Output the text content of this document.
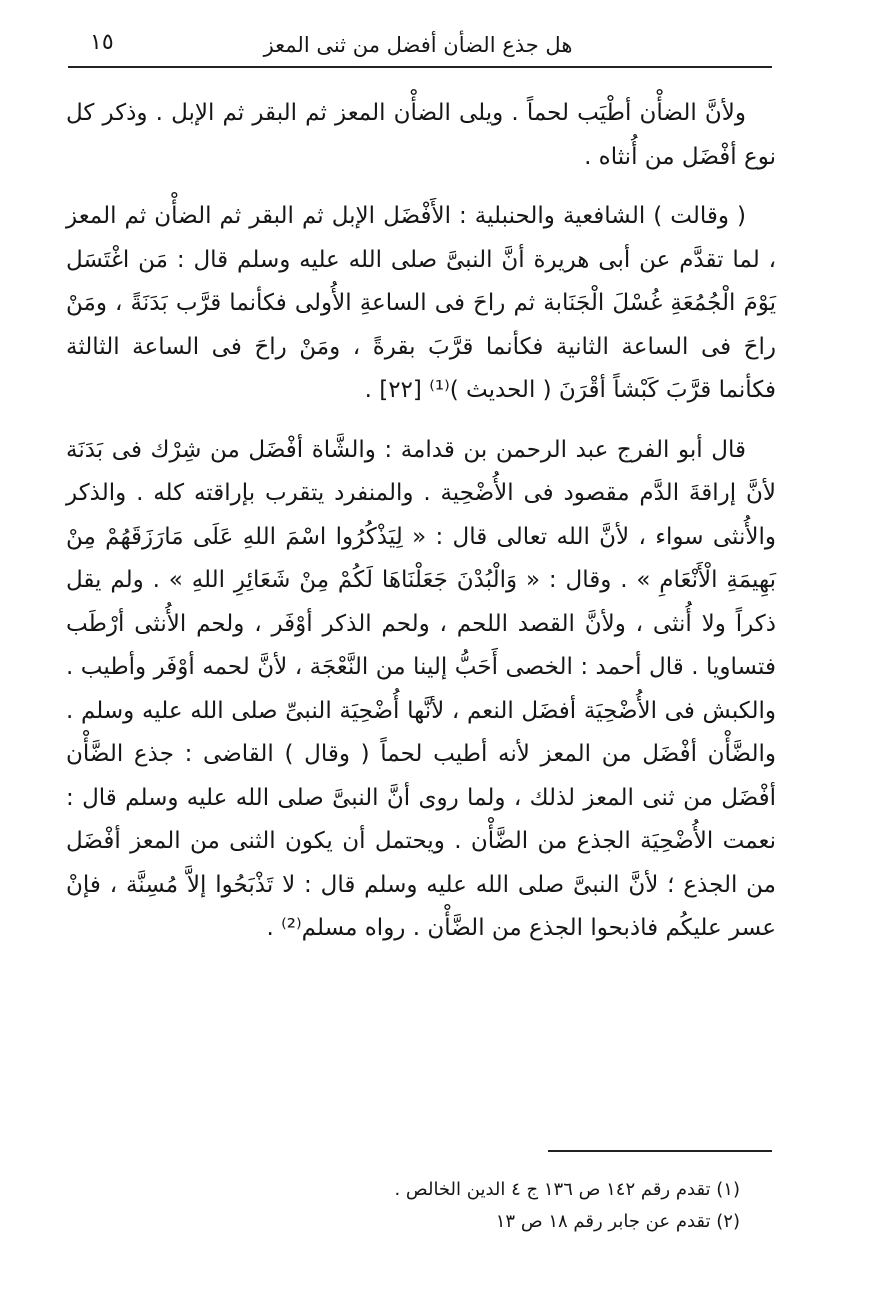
هل جذع الضأن أفضل من ثنى المعز
١٥

ولأنَّ الضأْن أطْيَب لحماً . ويلى الضأْن المعز ثم البقر ثم الإبل . وذكر كل نوع أفْضَل من أُنثاه .

( وقالت ) الشافعية والحنبلية : الأَفْضَل الإبل ثم البقر ثم الضأْن ثم المعز ، لما تقدَّم عن أبى هريرة أنَّ النبىَّ صلى الله عليه وسلم قال : مَن اغْتَسَل يَوْمَ الْجُمُعَةِ غُسْلَ الْجَنَابة ثم راحَ فى الساعةِ الأُولى فكأنما قرَّب بَدَنَةً ، ومَنْ راحَ فى الساعة الثانية فكأنما قرَّبَ بقرةً ، ومَنْ راحَ فى الساعة الثالثة فكأنما قرَّبَ كَبْشاً أقْرَنَ ( الحديث )⁽¹⁾ [٢٢] .

قال أبو الفرج عبد الرحمن بن قدامة : والشَّاة أفْضَل من شِرْك فى بَدَنَة لأنَّ إراقةَ الدَّم مقصود فى الأُضْحِية . والمنفرد يتقرب بإراقته كله . والذكر والأُنثى سواء ، لأنَّ الله تعالى قال : « لِيَذْكُرُوا اسْمَ اللهِ عَلَى مَارَزَقَهُمْ مِنْ بَهِيمَةِ الْأَنْعَامِ » . وقال : « وَالْبُدْنَ جَعَلْنَاهَا لَكُمْ مِنْ شَعَائِرِ اللهِ » . ولم يقل ذكراً ولا أُنثى ، ولأنَّ القصد اللحم ، ولحم الذكر أوْفَر ، ولحم الأُنثى أرْطَب فتساويا . قال أحمد : الخصى أَحَبُّ إلينا من النَّعْجَة ، لأنَّ لحمه أوْفَر وأطيب . والكبش فى الأُضْحِيَة أفضَل النعم ، لأنَّها أُضْحِيَة النبىِّ صلى الله عليه وسلم . والضَّأْن أفْضَل من المعز لأنه أطيب لحماً ( وقال ) القاضى : جذع الضَّأْن أفْضَل من ثنى المعز لذلك ، ولما روى أنَّ النبىَّ صلى الله عليه وسلم قال : نعمت الأُضْحِيَة الجذع من الضَّأْن . ويحتمل أن يكون الثنى من المعز أفْضَل من الجذع ؛ لأنَّ النبىَّ صلى الله عليه وسلم قال : لا تَذْبَحُوا إلاَّ مُسِنَّة ، فإنْ عسر عليكُم فاذبحوا الجذع من الضَّأْن . رواه مسلم⁽²⁾ .

(١) تقدم رقم ١٤٢ ص ١٣٦ ج ٤ الدين الخالص .
(٢) تقدم عن جابر رقم ١٨ ص ١٣
